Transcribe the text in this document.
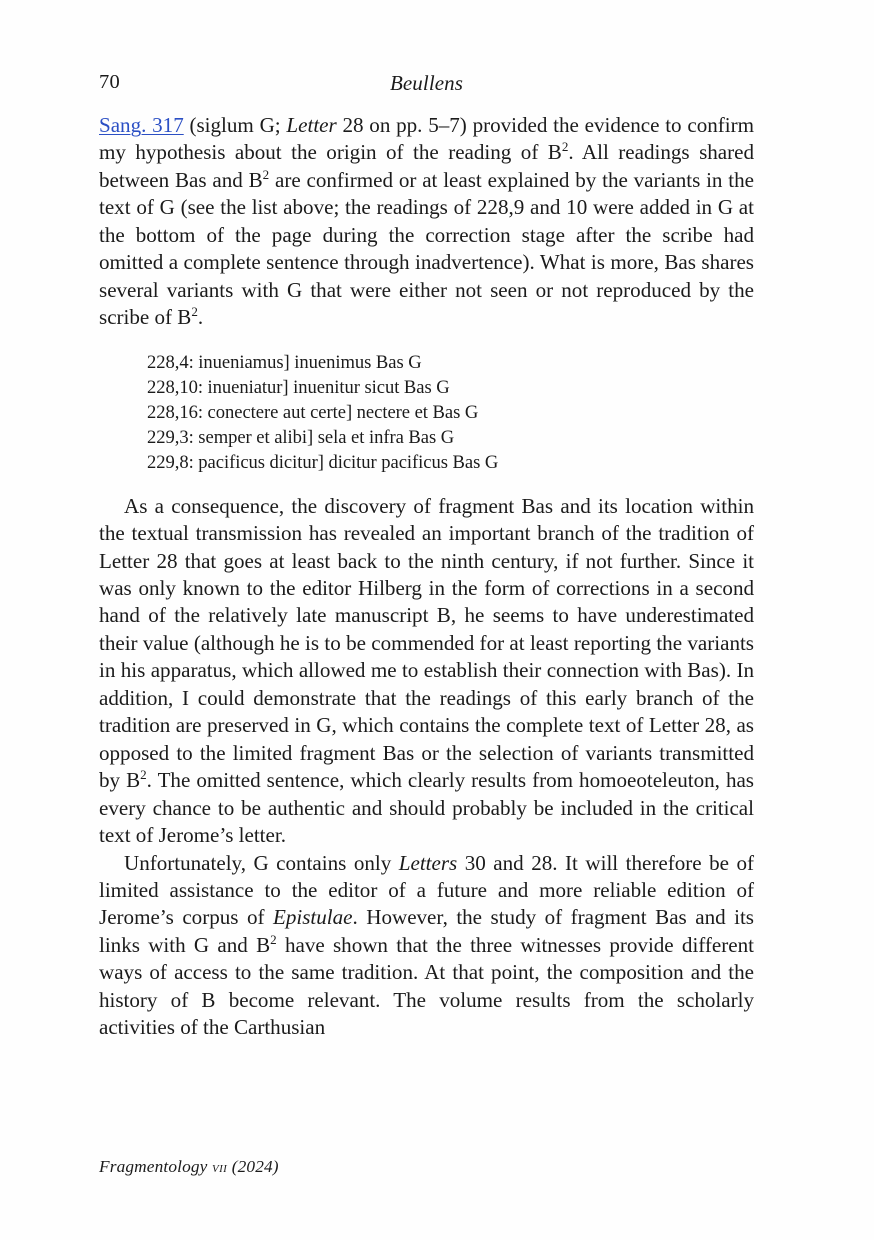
70	Beullens

Sang. 317 (siglum G; Letter 28 on pp. 5–7) provided the evidence to confirm my hypothesis about the origin of the reading of $B^2$. All readings shared between Bas and $B^2$ are confirmed or at least explained by the variants in the text of G (see the list above; the readings of 228,9 and 10 were added in G at the bottom of the page during the correction stage after the scribe had omitted a complete sentence through inadvertence). What is more, Bas shares several variants with G that were either not seen or not reproduced by the scribe of $B^2$.

228,4: inueniamus] inuenimus Bas G
228,10: inueniatur] inuenitur sicut Bas G
228,16: conectere aut certe] nectere et Bas G
229,3: semper et alibi] sela et infra Bas G
229,8: pacificus dicitur] dicitur pacificus Bas G

As a consequence, the discovery of fragment Bas and its location within the textual transmission has revealed an important branch of the tradition of Letter 28 that goes at least back to the ninth century, if not further. Since it was only known to the editor Hilberg in the form of corrections in a second hand of the relatively late manuscript B, he seems to have underestimated their value (although he is to be commended for at least reporting the variants in his apparatus, which allowed me to establish their connection with Bas). In addition, I could demonstrate that the readings of this early branch of the tradition are preserved in G, which contains the complete text of Letter 28, as opposed to the limited fragment Bas or the selection of variants transmitted by $B^2$. The omitted sentence, which clearly results from homoeoteleuton, has every chance to be authentic and should probably be included in the critical text of Jerome’s letter.

Unfortunately, G contains only Letters 30 and 28. It will therefore be of limited assistance to the editor of a future and more reliable edition of Jerome’s corpus of Epistulae. However, the study of fragment Bas and its links with G and $B^2$ have shown that the three witnesses provide different ways of access to the same tradition. At that point, the composition and the history of B become relevant. The volume results from the scholarly activities of the Carthusian

Fragmentology vii (2024)
